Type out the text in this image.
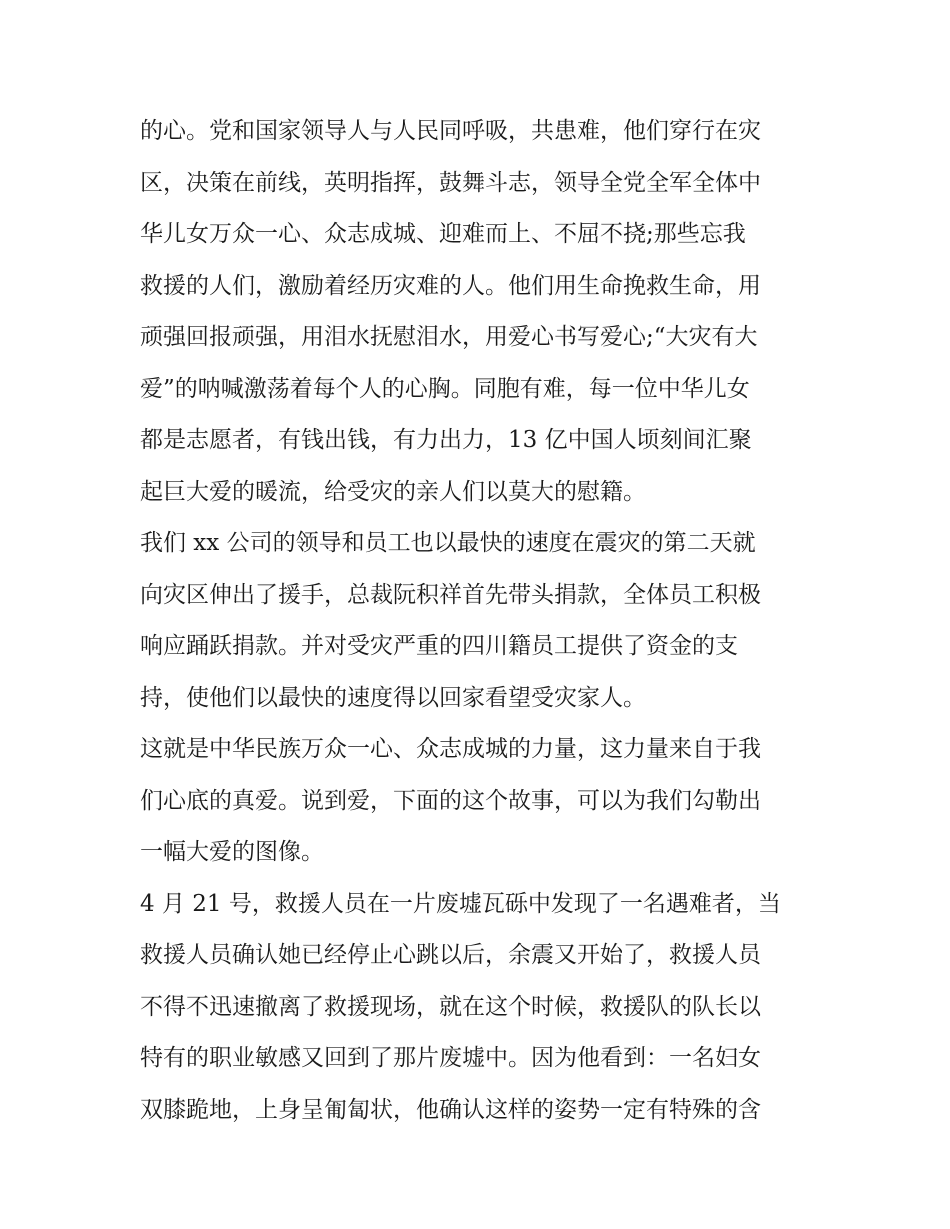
的心。党和国家领导人与人民同呼吸，共患难，他们穿行在灾
区，决策在前线，英明指挥，鼓舞斗志，领导全党全军全体中
华儿女万众一心、众志成城、迎难而上、不屈不挠;那些忘我
救援的人们，激励着经历灾难的人。他们用生命挽救生命，用
顽强回报顽强，用泪水抚慰泪水，用爱心书写爱心;“大灾有大
爱”的呐喊激荡着每个人的心胸。同胞有难，每一位中华儿女
都是志愿者，有钱出钱，有力出力，13 亿中国人顷刻间汇聚
起巨大爱的暖流，给受灾的亲人们以莫大的慰籍。
我们 xx 公司的领导和员工也以最快的速度在震灾的第二天就
向灾区伸出了援手，总裁阮积祥首先带头捐款，全体员工积极
响应踊跃捐款。并对受灾严重的四川籍员工提供了资金的支
持，使他们以最快的速度得以回家看望受灾家人。
这就是中华民族万众一心、众志成城的力量，这力量来自于我
们心底的真爱。说到爱，下面的这个故事，可以为我们勾勒出
一幅大爱的图像。
4 月 21 号，救援人员在一片废墟瓦砾中发现了一名遇难者，当
救援人员确认她已经停止心跳以后，余震又开始了，救援人员
不得不迅速撤离了救援现场，就在这个时候，救援队的队长以
特有的职业敏感又回到了那片废墟中。因为他看到：一名妇女
双膝跪地，上身呈匍匐状，他确认这样的姿势一定有特殊的含
